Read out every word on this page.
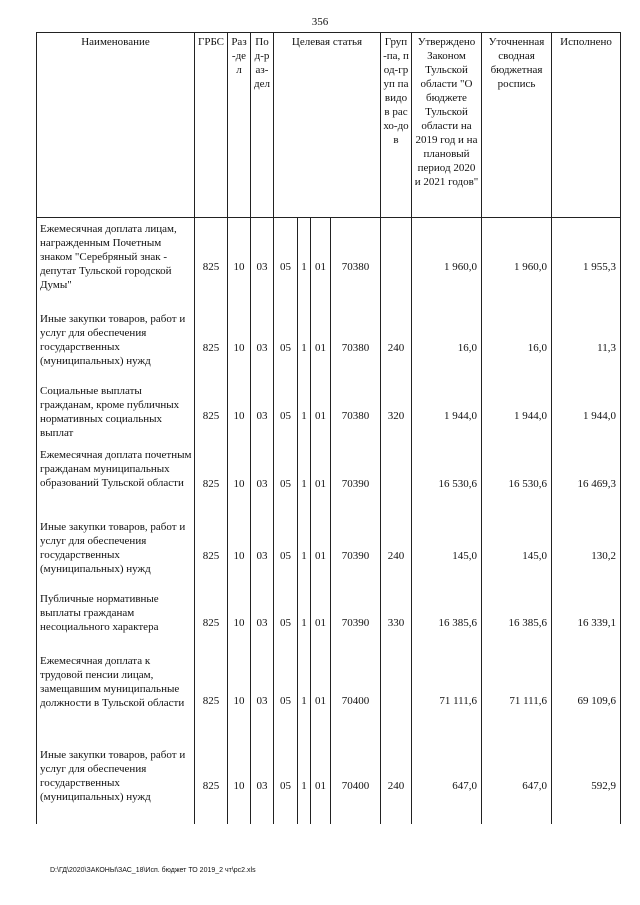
356
Наименование	ГРБС	Раз-дел	Под-раз-дел	Целевая статья				Груп-па, под-груп па видов расхо-дов	Утверждено Законом Тульской области "О бюджете Тульской области на 2019 год и на плановый период 2020 и 2021 годов"	Уточненная сводная бюджетная роспись	Исполнено

Ежемесячная доплата лицам, награжденным Почетным знаком "Серебряный знак - депутат Тульской городской Думы"	825	10	03	05	1	01	70380		1 960,0	1 960,0	1 955,3
Иные закупки товаров, работ и услуг для обеспечения государственных (муниципальных) нужд	825	10	03	05	1	01	70380	240	16,0	16,0	11,3
Социальные выплаты гражданам, кроме публичных нормативных социальных выплат	825	10	03	05	1	01	70380	320	1 944,0	1 944,0	1 944,0
Ежемесячная доплата почетным гражданам муниципальных образований Тульской области	825	10	03	05	1	01	70390		16 530,6	16 530,6	16 469,3
Иные закупки товаров, работ и услуг для обеспечения государственных (муниципальных) нужд	825	10	03	05	1	01	70390	240	145,0	145,0	130,2
Публичные нормативные выплаты гражданам несоциального характера	825	10	03	05	1	01	70390	330	16 385,6	16 385,6	16 339,1
Ежемесячная доплата к трудовой пенсии лицам, замещавшим муниципальные должности в Тульской области	825	10	03	05	1	01	70400		71 111,6	71 111,6	69 109,6
Иные закупки товаров, работ и услуг для обеспечения государственных (муниципальных) нужд	825	10	03	05	1	01	70400	240	647,0	647,0	592,9
D:\ГД\2020\ЗАКОНЫ\ЗАС_18\Исп. бюджет ТО 2019_2 чт\рс2.xls
